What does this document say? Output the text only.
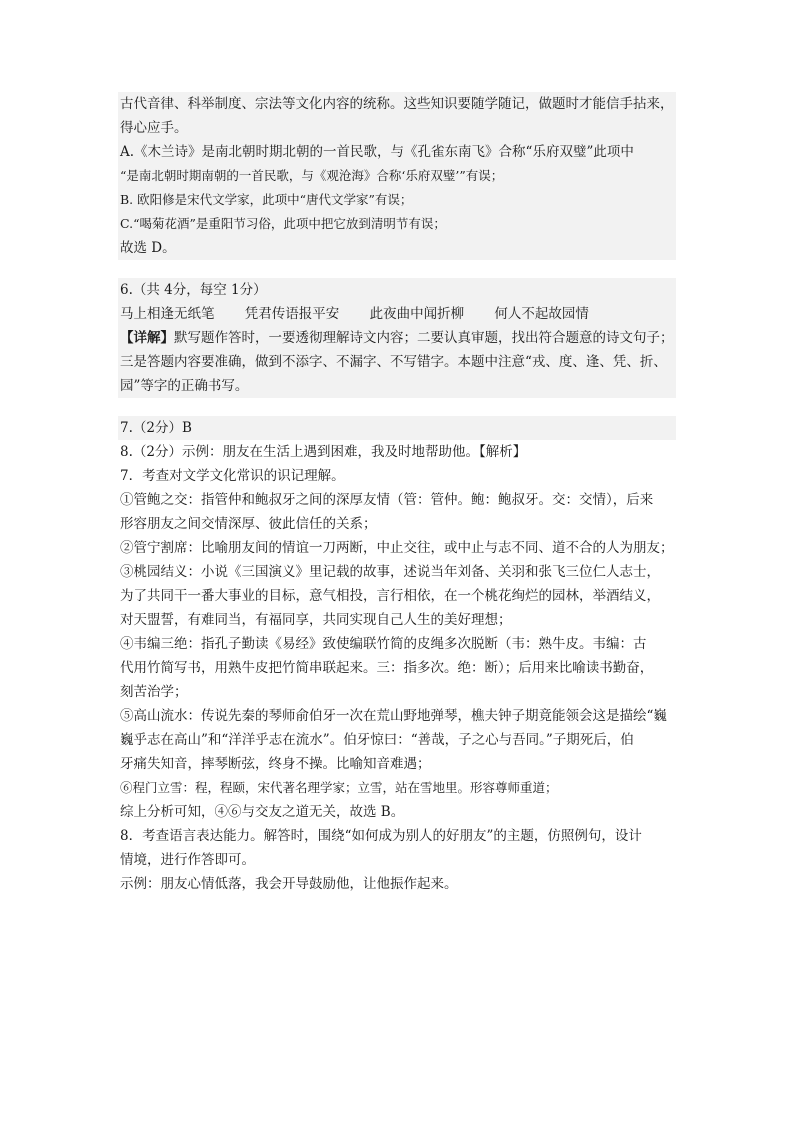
古代音律、科举制度、宗法等文化内容的统称。这些知识要随学随记，做题时才能信手拈来，
得心应手。
A.《木兰诗》是南北朝时期北朝的一首民歌，与《孔雀东南飞》合称“乐府双璧”此项中
“是南北朝时期南朝的一首民歌，与《观沧海》合称‘乐府双璧’”有误；
B. 欧阳修是宋代文学家，此项中“唐代文学家”有误；
C.“喝菊花酒”是重阳节习俗，此项中把它放到清明节有误；
故选 D。
6.（共 4分，每空 1分）
马上相逢无纸笔 凭君传语报平安 此夜曲中闻折柳 何人不起故园情
【详解】默写题作答时，一要透彻理解诗文内容；二要认真审题，找出符合题意的诗文句子；
三是答题内容要准确，做到不添字、不漏字、不写错字。本题中注意“戎、度、逢、凭、折、
园”等字的正确书写。
7.（2分）B
8.（2分）示例：朋友在生活上遇到困难，我及时地帮助他。【解析】
7．考查对文学文化常识的识记理解。
①管鲍之交：指管仲和鲍叔牙之间的深厚友情（管：管仲。鲍：鲍叔牙。交：交情），后来
形容朋友之间交情深厚、彼此信任的关系；
②管宁割席：比喻朋友间的情谊一刀两断，中止交往，或中止与志不同、道不合的人为朋友；
③桃园结义：小说《三国演义》里记载的故事，述说当年刘备、关羽和张飞三位仁人志士，
为了共同干一番大事业的目标，意气相投，言行相依，在一个桃花绚烂的园林，举酒结义，
对天盟誓，有难同当，有福同享，共同实现自己人生的美好理想；
④韦编三绝：指孔子勤读《易经》致使编联竹简的皮绳多次脱断（韦：熟牛皮。韦编：古
代用竹简写书，用熟牛皮把竹简串联起来。三：指多次。绝：断）；后用来比喻读书勤奋，
刻苦治学；
⑤高山流水：传说先秦的琴师俞伯牙一次在荒山野地弹琴，樵夫钟子期竟能领会这是描绘“巍
巍乎志在高山”和“洋洋乎志在流水”。伯牙惊曰：“善哉，子之心与吾同。”子期死后，伯
牙痛失知音，摔琴断弦，终身不操。比喻知音难遇；
⑥程门立雪：程，程颐，宋代著名理学家；立雪，站在雪地里。形容尊师重道；
综上分析可知，④⑥与交友之道无关，故选 B。
8．考查语言表达能力。解答时，围绕“如何成为别人的好朋友”的主题，仿照例句，设计
情境，进行作答即可。
示例：朋友心情低落，我会开导鼓励他，让他振作起来。
